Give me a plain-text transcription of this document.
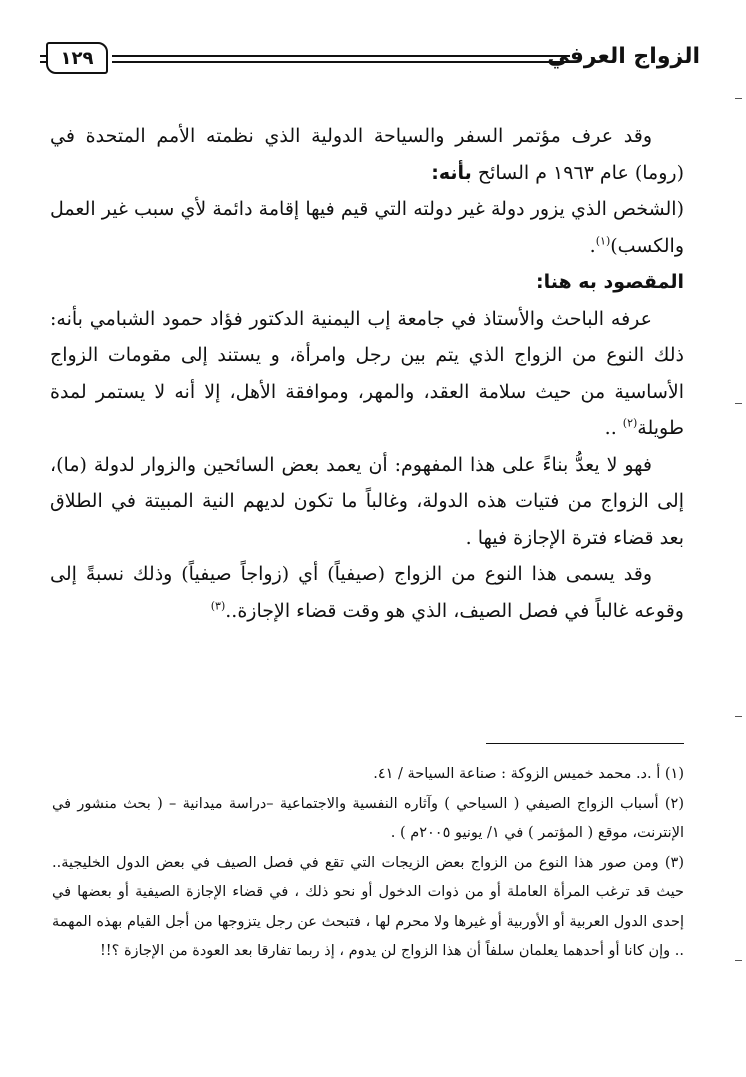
١٢٩	الزواج العرفي

وقد عرف مؤتمر السفر والسياحة الدولية الذي نظمته الأمم المتحدة في (روما) عام ١٩٦٣ م السائح بأنه:

(الشخص الذي يزور دولة غير دولته التي قيم فيها إقامة دائمة لأي سبب غير العمل والكسب)$^{(١)}$.

المقصود به هنا:

عرفه الباحث والأستاذ في جامعة إب اليمنية الدكتور فؤاد حمود الشبامي بأنه: ذلك النوع من الزواج الذي يتم بين رجل وامرأة، و يستند إلى مقومات الزواج الأساسية من حيث سلامة العقد، والمهر، وموافقة الأهل، إلا أنه لا يستمر لمدة طويلة$^{(٢)}$ ..

فهو لا يعدُّ بناءً على هذا المفهوم: أن يعمد بعض السائحين والزوار لدولة (ما)، إلى الزواج من فتيات هذه الدولة، وغالباً ما تكون لديهم النية المبيتة في الطلاق بعد قضاء فترة الإجازة فيها .

وقد يسمى هذا النوع من الزواج (صيفياً) أي (زواجاً صيفياً) وذلك نسبةً إلى وقوعه غالباً في فصل الصيف، الذي هو وقت قضاء الإجازة..$^{(٣)}$

(١) أ .د. محمد خميس الزوكة : صناعة السياحة / ٤١.

(٢) أسباب الزواج الصيفي ( السياحي ) وآثاره النفسية والاجتماعية –دراسة ميدانية – ( بحث منشور في الإنترنت، موقع ( المؤتمر ) في ١/ يونيو ٢٠٠٥م ) .

(٣) ومن صور هذا النوع من الزواج بعض الزيجات التي تقع في فصل الصيف في بعض الدول الخليجية.. حيث قد ترغب المرأة العاملة أو من ذوات الدخول أو نحو ذلك ، في قضاء الإجازة الصيفية أو بعضها في إحدى الدول العربية أو الأوربية أو غيرها ولا محرم لها ، فتبحث عن رجل يتزوجها من أجل القيام بهذه المهمة .. وإن كانا أو أحدهما يعلمان سلفاً أن هذا الزواج لن يدوم ، إذ ربما تفارقا بعد العودة من الإجازة ؟!!
